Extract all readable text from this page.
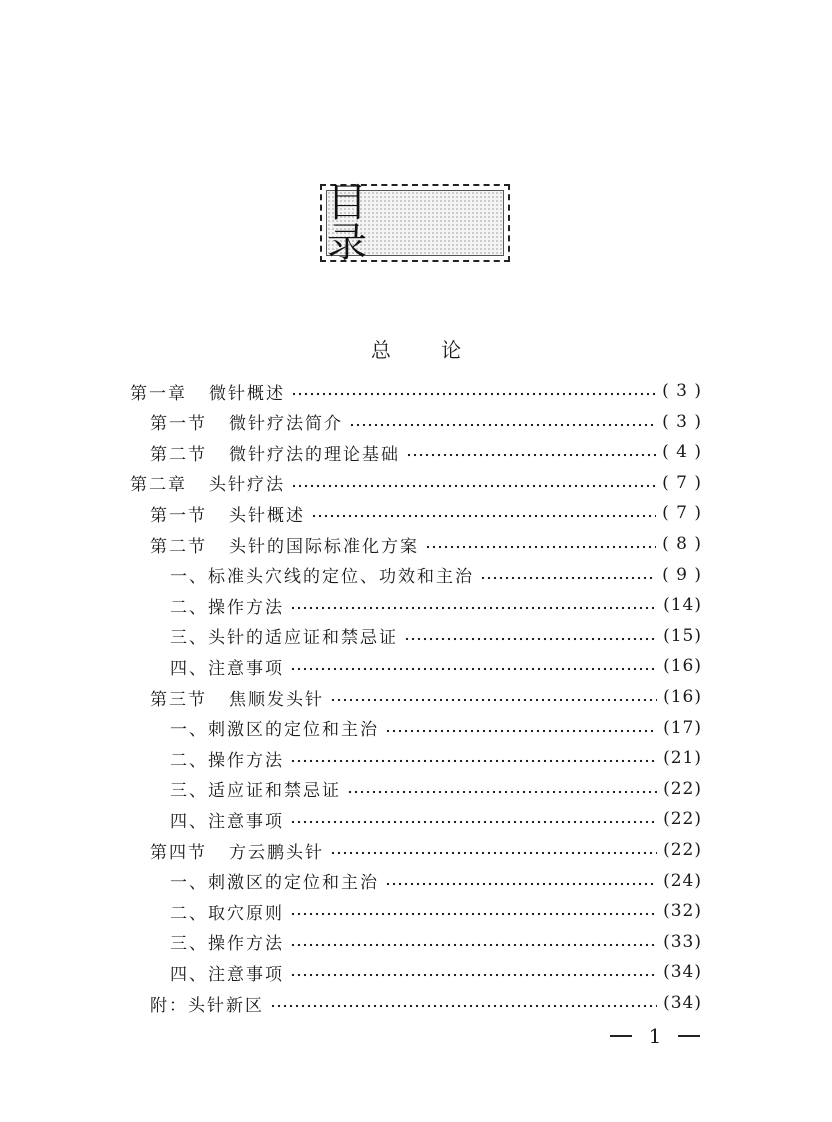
目 录
总 论
第一章 微针概述	( 3 )
第一节 微针疗法简介	( 3 )
第二节 微针疗法的理论基础	( 4 )
第二章 头针疗法	( 7 )
第一节 头针概述	( 7 )
第二节 头针的国际标准化方案	( 8 )
一、标准头穴线的定位、功效和主治	( 9 )
二、操作方法	(14)
三、头针的适应证和禁忌证	(15)
四、注意事项	(16)
第三节 焦顺发头针	(16)
一、刺激区的定位和主治	(17)
二、操作方法	(21)
三、适应证和禁忌证	(22)
四、注意事项	(22)
第四节 方云鹏头针	(22)
一、刺激区的定位和主治	(24)
二、取穴原则	(32)
三、操作方法	(33)
四、注意事项	(34)
附：头针新区	(34)
1
